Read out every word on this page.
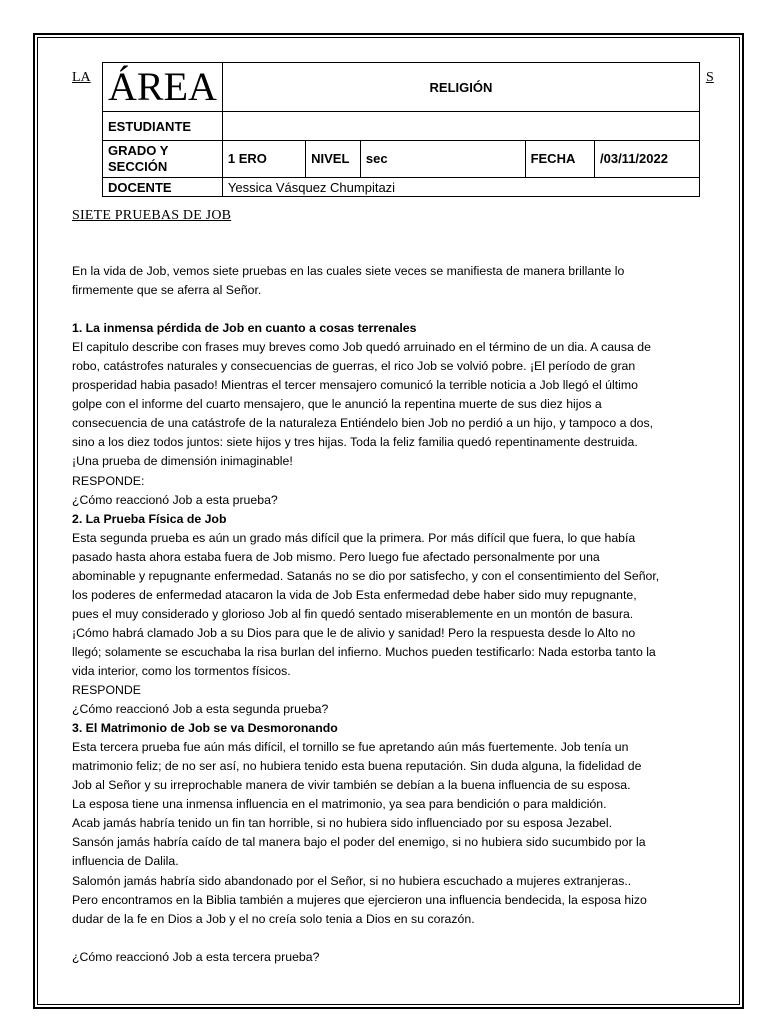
LA	S
ÁREA	RELIGIÓN				
ESTUDIANTE					
GRADO Y SECCIÓN	1 ERO	NIVEL	sec	FECHA	/03/11/2022
DOCENTE	Yessica Vásquez Chumpitazi				
SIETE PRUEBAS DE JOB

En la vida de Job, vemos siete pruebas en las cuales siete veces se manifiesta de manera brillante lo

firmemente que se aferra al Señor.

1. La inmensa pérdida de Job en cuanto a cosas terrenales

El capitulo describe con frases muy breves como Job quedó arruinado en el término de un dia. A causa de

robo, catástrofes naturales y consecuencias de guerras, el rico Job se volvió pobre. ¡El período de gran

prosperidad habia pasado! Mientras el tercer mensajero comunicó la terrible noticia a Job llegó el último

golpe con el informe del cuarto mensajero, que le anunció la repentina muerte de sus diez hijos a

consecuencia de una catástrofe de la naturaleza Entiéndelo bien Job no perdió a un hijo, y tampoco a dos,

sino a los diez todos juntos: siete hijos y tres hijas. Toda la feliz familia quedó repentinamente destruida.

¡Una prueba de dimensión inimaginable!

RESPONDE:

¿Cómo reaccionó Job a esta prueba?

2. La Prueba Física de Job

Esta segunda prueba es aún un grado más difícil que la primera. Por más difícil que fuera, lo que había

pasado hasta ahora estaba fuera de Job mismo. Pero luego fue afectado personalmente por una

abominable y repugnante enfermedad. Satanás no se dio por satisfecho, y con el consentimiento del Señor,

los poderes de enfermedad atacaron la vida de Job Esta enfermedad debe haber sido muy repugnante,

pues el muy considerado y glorioso Job al fin quedó sentado miserablemente en un montón de basura.

¡Cómo habrá clamado Job a su Dios para que le de alivio y sanidad! Pero la respuesta desde lo Alto no

llegó; solamente se escuchaba la risa burlan del infierno. Muchos pueden testificarlo: Nada estorba tanto la

vida interior, como los tormentos físicos.

RESPONDE

¿Cómo reaccionó Job a esta segunda prueba?

3. El Matrimonio de Job se va Desmoronando

Esta tercera prueba fue aún más difícil, el tornillo se fue apretando aún más fuertemente. Job tenía un

matrimonio feliz; de no ser así, no hubiera tenido esta buena reputación. Sin duda alguna, la fidelidad de

Job al Señor y su irreprochable manera de vivir también se debían a la buena influencia de su esposa.

La esposa tiene una inmensa influencia en el matrimonio, ya sea para bendición o para maldición.

Acab jamás habría tenido un fin tan horrible, si no hubiera sido influenciado por su esposa Jezabel.

Sansón jamás habría caído de tal manera bajo el poder del enemigo, si no hubiera sido sucumbido por la

influencia de Dalila.

Salomón jamás habría sido abandonado por el Señor, si no hubiera escuchado a mujeres extranjeras..

Pero encontramos en la Biblia también a mujeres que ejercieron una influencia bendecida, la esposa hizo

dudar de la fe en Dios a Job y el no creía solo tenia a Dios en su corazón.

¿Cómo reaccionó Job a esta tercera prueba?
